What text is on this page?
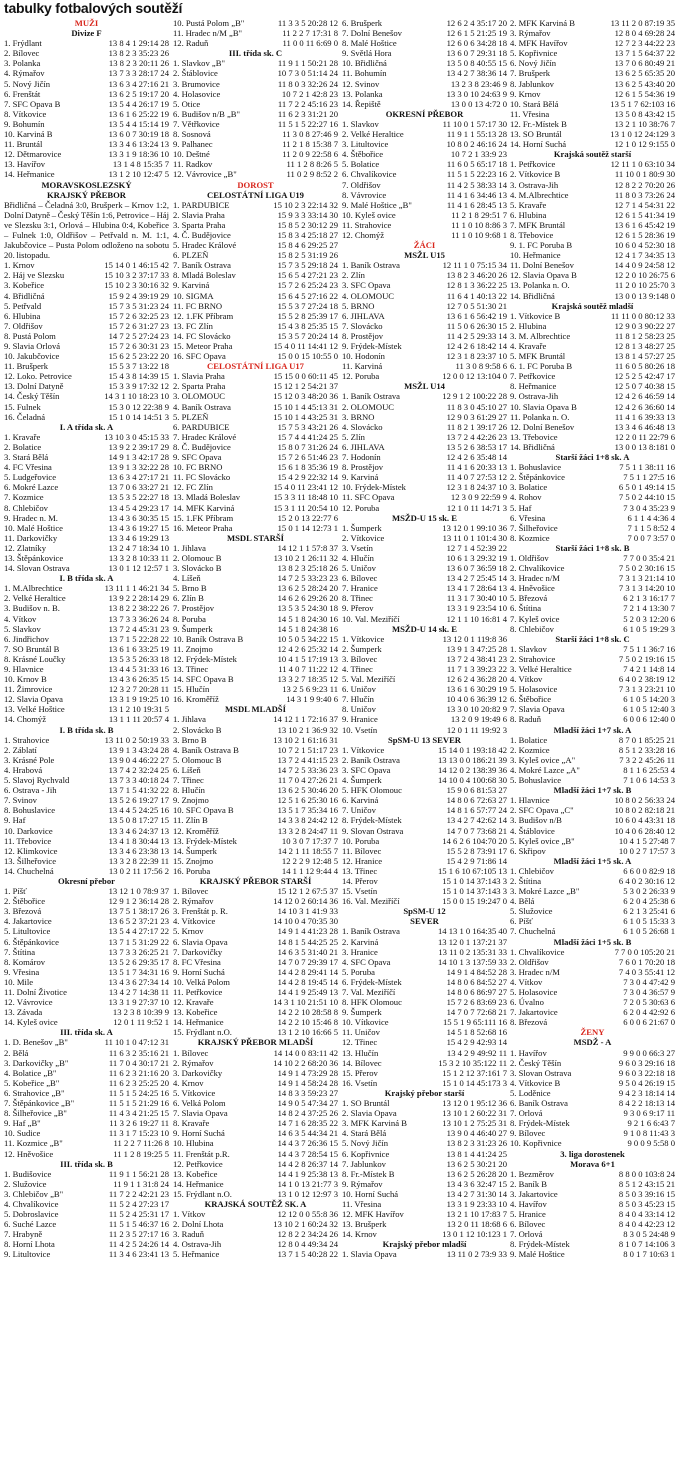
tabulky fotbalových soutěží
MUŽI
Divize F
1. Frýdlant	13 8 4 1 29:14 28
2. Bílovec	13 8 2 3 35:23 26
3. Polanka	13 8 2 3 20:11 26
4. Rýmařov	13 7 3 3 28:17 24
5. Nový Jičín	13 6 3 4 27:16 21
6. Frenštát	13 6 2 5 19:17 20
7. SFC Opava B	13 5 4 4 26:17 19
8. Vítkovice	13 6 1 6 25:22 19
9. Bohumín	13 5 4 4 15:14 19
10. Karviná B	13 6 0 7 30:19 18
11. Bruntál	13 3 4 6 13:24 13
12. Dětmarovice	13 3 1 9 18:36 10
13. Havířov	13 1 4 8 15:35 7
14. Heřmanice	13 1 2 10 12:47 5
MORAVSKOSLEZSKÝ
KRAJSKÝ PŘEBOR
Břidličná – Čeladná 3:0, Brušperk – Krnov 1:2, Dolní Datyně – Český Těšín 1:6, Petrovice – Háj ve Slezsku 3:1, Orlová – Hlubina 0:4, Kobeřice – Fulnek 1:0, Oldřišov – Petřvald n. M. 1:1, Jakubčovice – Pusta Polom odloženo na sobotu 20. listopadu.
1. Krnov	15 14 0 1 46:15 42
2. Háj ve Slezsku	15 10 3 2 37:17 33
3. Kobeřice	15 10 2 3 30:16 32
4. Břidličná	15 9 2 4 39:19 29
5. Petřvald	15 7 3 5 31:23 24
6. Hlubina	15 7 2 6 32:25 23
7. Oldřišov	15 7 2 6 31:27 23
8. Pustá Polom	14 7 2 5 27:24 23
9. Slavia Orlová	15 7 2 6 30:31 23
10. Jakubčovice	15 6 2 5 23:22 20
11. Brušperk	15 5 3 7 13:22 18
12. Loko. Petrovice	15 4 3 8 14:39 15
13. Dolní Datyně	15 3 3 9 17:32 12
14. Český Těšín	14 3 1 10 18:23 10
15. Fulnek	15 3 0 12 22:38 9
16. Čeladná	15 1 0 14 14:51 3
I. A třída sk. A
1. Kravaře	13 10 3 0 45:15 33
2. Bolatice	13 9 2 2 39:17 29
3. Stará Bělá	14 9 1 3 42:17 28
4. FC Vřesina	13 9 1 3 32:22 28
5. Ludgeřovice	13 6 3 4 27:17 21
6. Mokré Lazce	13 7 0 6 33:27 21
7. Kozmice	13 5 3 5 22:27 18
8. Chlebičov	13 4 5 4 29:23 17
9. Hradec n. M.	13 4 3 6 30:35 15
10. Malé Hoštice	13 4 3 6 19:27 15
11. Darkovičky	13 3 4 6 19:29 13
12. Zlatníky	13 2 4 7 18:34 10
13. Štěpánkovice	13 3 2 8 10:33 11
14. Slovan Ostrava	13 0 1 12 12:57 1
I. B třída sk. A
1. M.Albrechtice	13 11 1 1 46:21 34
2. Velké Heraltice	13 9 2 2 28:14 29
3. Budišov n. B.	13 8 2 2 38:22 26
4. Vítkov	13 7 3 3 36:26 24
5. Slavkov	13 7 2 4 45:31 23
6. Jindřichov	13 7 1 5 22:28 22
7. SO Bruntál B	13 6 1 6 33:25 19
8. Krásné Loučky	13 5 3 5 26:33 18
9. Hlavnice	13 4 4 5 31:33 16
10. Krnov B	13 4 3 6 26:35 15
11. Žimrovice	12 3 2 7 20:28 11
12. Slavia Opava	13 3 1 9 19:25 10
13. Velké Hoštice	13 1 2 10 19:31 5
14. Chomýž	13 1 1 11 20:57 4
I. B třída sk. B
1. Strahovice	13 11 0 2 50:19 33
2. Záblatí	13 9 1 3 43:24 28
3. Krásné Pole	13 9 0 4 46:22 27
4. Hrabová	13 7 4 2 32:24 25
5. Slavoj Rychvald	13 7 3 3 40:18 24
6. Ostrava - Jih	13 7 1 5 41:32 22
7. Svinov	13 5 2 6 19:27 17
8. Bohuslavice	13 4 4 5 24:25 16
9. Haf	13 5 0 8 17:27 15
10. Darkovice	13 3 4 6 24:37 13
11. Třebovice	13 4 1 8 30:44 13
12. Klimkovice	13 3 4 6 23:38 13
13. Šilheřovice	13 3 2 8 22:39 11
14. Chuchelná	13 0 2 11 17:56 2
Okresní přebor
1. Píšť	13 12 1 0 78:9 37
2. Štěbořice	12 9 1 2 36:14 28
3. Březová	13 7 5 1 38:17 26
4. Jakartovice	13 6 5 2 37:21 23
5. Litultovice	13 5 4 4 27:17 22
6. Štěpánkovice	13 7 1 5 31:29 22
7. Štítina	13 7 3 3 26:25 21
8. Komárov	13 5 2 6 29:35 17
9. Vřesina	13 5 1 7 34:31 16
10. Mile	13 4 3 6 27:34 14
11. Dolní Životice	13 4 2 7 14:38 11
12. Vávrovice	13 3 1 9 27:37 10
13. Závada	13 2 3 8 10:39 9
14. Kyleš ovice	12 0 1 11 9:52 1
III. třída sk. A
1. D. Benešov „B"	11 10 1 0 47:12 31
2. Bělá	11 6 3 2 35:16 21
3. Darkovičky „B"	11 7 0 4 30:17 21
4. Bolatice „B"	11 6 2 3 21:16 20
5. Kobeřice „B"	11 6 2 3 25:25 20
6. Strahovice „B"	11 5 1 5 24:25 16
7. Štěpánkovice „B"	11 5 1 5 21:29 16
8. Šilheřovice „B"	11 4 3 4 21:25 15
9. Haf „B"	11 3 2 6 19:27 11
10. Sudice	11 3 1 7 15:23 10
11. Kozmice „B"	11 2 2 7 11:26 8
12. Hněvošice	11 1 2 8 19:25 5
III. třída sk. B
1. Budišovice	11 9 1 1 56:21 28
2. Služovice	11 9 1 1 31:8 24
3. Chlebičov „B"	11 7 2 2 42:21 23
4. Chvalíkovice	11 5 2 4 27:23 17
5. Dobroslavice	11 5 2 4 25:31 17
6. Suché Lazce	11 5 1 5 46:37 16
7. Hrabyně	11 2 3 5 27:17 16
8. Horní Lhota	11 4 2 5 24:26 14
9. Litultovice	11 3 4 6 23:41 13
10. Pustá Polom „B"	11 3 3 5 20:28 12
11. Hradec n/M „B"	11 2 2 7 17:31 8
12. Raduň	11 0 0 11 6:69 0
III. třída sk. C
1. Slavkov „B"	11 9 1 1 50:21 28
2. Štáblovice	10 7 3 0 51:14 24
3. Brumovice	11 8 0 3 32:26 24
4. Holasovice	10 7 2 1 42:8 23
5. Otice	11 7 2 2 45:16 23
6. Budišov n/B „B"	11 6 2 3 31:21 20
7. Větřkovice	11 5 1 5 22:27 16
8. Sosnová	11 3 0 8 27:46 9
9. Palhanec	11 2 1 8 15:38 7
10. Deštné	11 2 0 9 22:58 6
11. Radkov	11 1 2 8 8:26 5
12. Vávrovice „B"	11 0 2 9 8:52 2
DOROST
CELOSTÁTNÍ LIGA U19
1. PARDUBICE	15 10 2 3 22:14 32
2. Slavia Praha	15 9 3 3 33:14 30
3. Sparta Praha	15 8 5 2 30:12 29
4. Č. Budějovice	15 8 3 4 25:18 27
5. Hradec Králové	15 8 4 6 29:25 27
6. PLZEŇ	15 8 2 5 31:19 26
7. Baník Ostrava	15 7 3 5 29:18 24
8. Mladá Boleslav	15 6 5 4 27:21 23
9. Karviná	15 7 2 6 25:24 23
10. SIGMA	15 6 4 5 27:16 22
11. FC BRNO	15 5 3 7 27:24 18
12. 1.FK Příbram	15 5 2 8 25:39 17
13. FC Zlín	15 4 3 8 25:35 15
14. FC Slovácko	15 3 5 7 20:24 14
15. Meteor Praha	15 4 0 11 14:41 12
16. SFC Opava	15 0 0 15 10:55 0
CELOSTÁTNÍ LIGA U17
1. Slavia Praha	15 15 0 0 60:11 45
2. Sparta Praha	15 12 1 2 54:21 37
3. OLOMOUC	15 12 0 3 48:20 36
4. Baník Ostrava	15 10 1 4 45:13 31
5. PLZEŇ	15 10 1 4 43:25 31
6. PARDUBICE	15 7 5 3 43:21 26
7. Hradec Králové	15 7 4 4 41:24 25
8. Č. Budějovice	15 8 0 7 31:26 24
9. SFC Opava	15 7 2 6 51:46 23
10. FC BRNO	15 6 1 8 35:36 19
11. FC Slovácko	15 4 2 9 22:32 14
12. FC Zlín	15 4 0 11 23:41 12
13. Mladá Boleslav	15 3 3 11 18:48 10
14. MFK Karviná	15 3 1 11 20:54 10
15. 1.FK Příbram	15 2 0 13 22:77 6
16. Meteor Praha	15 0 1 14 12:73 1
MSDL STARŠÍ
1. Jihlava	14 12 1 1 57:8 37
2. Olomouc B	13 10 2 1 26:11 32
3. Slovácko B	13 8 2 3 25:18 26
4. Líšeň	14 7 2 5 33:23 23
5. Brno B	13 6 2 5 28:24 20
6. Zlín B	14 6 2 6 29:26 20
7. Prostějov	13 5 3 5 24:30 18
8. Poruba	14 5 1 8 24:30 16
9. Šumperk	14 5 1 8 24:38 16
10. Baník Ostrava B	10 5 0 5 34:22 15
11. Znojmo	12 4 2 6 25:32 14
12. Frýdek-Místek	10 4 1 5 17:19 13
13. Třinec	11 4 0 7 11:22 12
14. SFC Opava B	13 3 2 7 18:35 12
15. Hlučín	13 2 5 6 9:23 11
16. Kroměříž	14 3 1 9 9:40 6
MSDL MLADŠÍ
1. Jihlava	14 12 1 1 72:16 37
2. Slovácko B	13 10 2 1 36:9 32
3. Brno B	13 10 2 1 61:16 31
4. Baník Ostrava B	10 7 2 1 51:17 23
5. Olomouc B	13 7 2 4 41:15 23
6. Líšeň	14 7 2 5 33:36 23
7. Třinec	11 7 0 4 27:26 21
8. Hlučín	13 6 2 5 30:46 20
9. Znojmo	12 5 1 6 25:30 16
10. SFC Opava B	13 5 1 7 35:34 16
11. Zlín B	14 3 3 8 24:42 12
12. Kroměříž	13 3 2 8 24:47 11
13. Frýdek-Místek	10 3 0 7 17:37 7
14. Šumperk	14 2 1 11 18:55 7
15. Znojmo	12 2 2 9 12:48 5
16. Poruba	14 1 1 12 9:44 4
KRAJSKÝ PŘEBOR STARŠÍ
1. Bílovec	15 12 1 2 67:5 37
2. Rýmařov	14 12 0 2 60:14 36
3. Frenštát p. R.	14 10 3 1 41:9 33
4. Vítkovice	14 10 0 4 70:35 30
5. Krnov	14 9 1 4 41:23 28
6. Slavia Opava	14 8 1 5 44:25 25
7. Darkovičky	14 6 3 5 31:40 21
8. FC Vřesina	14 7 0 7 29:39 17
9. Horní Suchá	14 4 2 8 29:41 14
10. Velká Polom	14 4 2 8 19:45 14
11. Petřkovice	14 4 1 9 25:49 13
12. Kravaře	14 3 1 10 21:51 10
13. Kobeřice	14 2 2 10 28:58 8
14. Heřmanice	14 2 2 10 15:46 8
15. Frýdlant n.O.	13 1 2 10 16:66 5
KRAJSKÝ PŘEBOR MLADŠÍ
1. Bílovec	14 14 0 0 83:11 42
2. Rýmařov	14 10 2 2 68:20 36
3. Darkovičky	14 9 1 4 73:29 28
4. Krnov	14 9 1 4 58:24 28
5. Vítkovice	14 8 3 3 59:23 27
6. Velká Polom	14 9 0 5 47:34 27
7. Slavia Opava	14 8 2 4 37:25 26
8. Kravaře	14 7 1 6 28:35 22
9. Horní Suchá	14 6 3 5 44:34 21
10. Hlubina	14 4 3 7 26:36 15
11. Frenštát p.R.	14 4 3 7 28:54 15
12. Petřkovice	14 4 2 8 26:37 14
13. Kobeřice	14 4 1 9 25:38 13
14. Heřmanice	14 1 0 13 21:77 3
15. Frýdlant n.O.	13 1 0 12 12:97 3
KRAJSKÁ SOUTĚŽ SK. A
1. Vítkov	12 12 0 0 55:8 36
2. Dolní Lhota	13 10 2 1 60:24 32
3. Raduň	12 8 2 2 34:24 26
4. Ostrava-Jih	12 8 0 4 49:34 24
5. Heřmanice	13 7 1 5 40:28 22
6. Brušperk	12 6 2 4 35:17 20
7. Dolní Benešov	12 6 1 5 21:25 19
8. Malé Hoštice	12 6 0 6 34:28 18
9. Světlá Hora	13 6 0 7 29:31 18
10. Břidličná	13 5 0 8 40:55 15
11. Bohumín	13 4 2 7 38:36 14
12. Svinov	13 2 3 8 23:46 9
13. Polanka	13 3 0 10 24:63 9
14. Řepiště	13 0 0 13 4:72 0
OKRESNÍ PŘEBOR
1. Slavkov	11 10 0 1 57:17 30
2. Velké Heraltice	11 9 1 1 55:13 28
3. Litultovice	10 8 0 2 46:16 24
4. Štěbořice	10 7 2 1 33:9 23
5. Bolatice	11 6 0 5 65:17 18
6. Chvalíkovice	11 5 1 5 22:23 16
7. Oldřišov	11 4 2 5 38:33 14
8. Vávrovice	11 4 1 6 34:46 13
9. Malé Hoštice „B"	11 4 1 6 28:45 13
10. Kyleš ovice	11 2 1 8 29:51 7
11. Strahovice	11 1 0 10 8:86 3
12. Chomýž	11 1 0 10 9:68 1
ŽÁCI
MSŽL U15
1. Baník Ostrava	12 11 1 0 75:15 34
2. Zlín	13 8 2 3 46:20 26
3. SFC Opava	12 8 1 3 36:22 25
4. OLOMOUC	11 6 4 1 40:13 22
5. BRNO	12 7 0 5 51:30 21
6. JIHLAVA	13 6 1 6 56:42 19
7. Slovácko	11 5 0 6 26:30 15
8. Prostějov	11 4 2 5 29:33 14
9. Frýdek-Místek	12 4 2 6 18:42 14
10. Hodonín	12 3 1 8 23:37 10
11. Karviná	11 3 0 8 9:58 6
12. Poruba	12 0 0 12 13:104 0
MSŽL U14
1. Baník Ostrava	12 9 1 2 100:22 28
2. OLOMOUC	11 8 3 0 45:10 27
3. BRNO	12 9 0 3 61:29 27
4. Slovácko	11 8 2 1 39:17 26
5. Zlín	13 7 2 4 42:26 23
6. JIHLAVA	13 5 2 6 38:53 17
7. Hodonín	12 4 2 6 35:48 14
8. Prostějov	11 4 1 6 20:33 13
9. Karviná	11 4 0 7 27:53 12
10. Frýdek-Místek	12 3 1 8 24:37 10
11. SFC Opava	12 3 0 9 22:59 9
12. Poruba	12 1 0 11 14:71 3
MSŽD-U 15 sk. E
1. Šumperk	13 12 0 1 99:10 36
2. Vítkovice	13 11 0 1 101:4 30
3. Vsetín	12 7 1 4 52:39 22
4. Hlučín	10 6 1 3 29:32 19
5. Uničov	13 6 0 7 36:59 18
6. Bílovec	13 4 2 7 25:45 14
7. Hranice	13 4 1 7 28:64 13
8. Třinec	11 3 1 7 30:40 10
9. Přerov	13 3 1 9 23:54 10
10. Val. Meziříčí	12 1 1 10 16:81 4
MSŽD-U 14 sk. E
1. Vítkovice	13 12 0 1 119:8 36
2. Šumperk	13 9 1 3 47:25 28
3. Bílovec	13 7 2 4 38:41 23
4. Třinec	11 7 1 3 39:23 22
5. Val. Meziříčí	12 6 2 4 36:28 20
6. Uničov	13 6 1 6 30:29 19
7. Hlučín	10 4 0 6 36:39 12
8. Uničov	13 3 0 10 20:82 9
9. Hranice	13 2 0 9 19:49 6
10. Vsetín	12 0 1 11 19:92 3
SpSM-U 13 SEVER
1. Vítkovice	15 14 0 1 193:18 42
2. Baník Ostrava	13 13 0 0 186:21 39
3. SFC Opava	14 12 0 2 138:39 36
4. Šumperk	14 10 0 4 100:68 30
5. HFK Olomouc	15 9 0 6 81:53 27
6. Karviná	14 8 0 6 72:63 27
7. Uničov	14 8 1 6 57:77 24
8. Frýdek-Místek	13 4 2 7 42:62 14
9. Slovan Ostrava	14 7 0 7 73:68 21
10. Poruba	14 6 2 6 104:70 20
11. Bílovec	15 5 2 8 73:91 17
12. Hranice	15 4 2 9 71:86 14
13. Třinec	15 1 6 10 67:105 13
14. Přerov	15 1 0 14 37:143 3
15. Vsetín	15 1 0 14 37:143 3
16. Val. Meziříčí	15 0 0 15 19:247 0
SpSM-U 12
SEVER
1. Baník Ostrava	14 13 1 0 164:35 40
2. Karviná	13 12 0 1 137:21 37
3. Hranice	13 11 0 2 135:31 33
4. SFC Opava	14 10 1 3 137:59 33
5. Poruba	14 9 1 4 84:52 28
6. Frýdek-Místek	14 8 0 6 84:52 27
7. Val. Meziříčí	14 8 0 6 86:97 27
8. HFK Olomouc	15 7 2 6 83:69 23
9. Šumperk	14 7 0 7 72:68 21
10. Vítkovice	15 5 1 9 65:111 16
11. Uničov	14 5 1 8 52:68 16
12. Třinec	15 4 2 9 42:93 14
13. Hlučín	13 4 2 9 49:92 11
14. Bílovec	15 3 2 10 35:122 11
15. Přerov	15 1 2 12 37:161 7
16. Vsetín	15 1 0 14 45:173 3
Krajský přebor starší
1. SO Bruntál	13 12 0 1 95:12 36
2. Slavia Opava	13 10 1 2 60:22 31
3. MFK Karviná B	13 10 1 2 75:25 31
4. Stará Bělá	13 9 0 4 46:40 27
5. Nový Jičín	13 8 2 3 31:23 26
6. Kopřivnice	13 8 1 4 41:24 25
7. Jablunkov	13 6 2 5 30:21 20
8. Fr.-Místek B	13 6 2 5 26:28 20
9. Rýmařov	13 4 3 6 32:47 15
10. Horní Suchá	13 4 2 7 31:30 14
11. Vřesina	13 3 1 9 23:33 10
12. MFK Havířov	13 2 1 10 17:83 7
13. Brušperk	13 2 0 11 18:68 6
14. Krnov	13 0 1 12 10:123 1
Krajský přebor mladší
1. Slavia Opava	13 11 0 2 73:9 33
2. MFK Karviná B	13 11 2 0 87:19 35
3. Rýmařov	12 8 0 4 69:28 24
4. MFK Havířov	12 7 2 3 44:22 23
5. Kopřivnice	13 7 1 5 64:37 22
6. Nový Jičín	13 7 0 6 80:49 21
7. Brušperk	13 6 2 5 65:35 20
8. Jablunkov	13 6 2 5 43:40 20
9. Krnov	12 6 1 5 54:36 19
10. Stará Bělá	13 5 1 7 62:103 16
11. Vřesina	13 5 0 8 43:42 15
12. Fr.-Místek B	13 2 1 10 38:76 7
13. SO Bruntál	13 1 0 12 24:129 3
14. Horní Suchá	12 1 0 12 9:155 0
Krajská soutěž starší
1. Petřkovice	12 11 1 0 63:10 34
2. Vítkovice B	11 10 0 1 80:9 30
3. Ostrava-Jih	12 8 2 2 70:20 26
4. M.Albrechtice	11 8 0 3 73:26 24
5. Kravaře	12 7 1 4 54:31 22
6. Hlubina	12 6 1 5 41:34 19
7. MFK Bruntál	13 6 1 6 45:42 19
8. Třebovice	12 6 1 5 28:36 19
9. 1. FC Poruba B	10 6 0 4 52:30 18
10. Heřmanice	12 4 1 7 34:35 13
11. Dolní Benešov	14 4 0 9 24:58 12
12. Slavia Opava B	12 2 0 10 26:75 6
13. Polanka n. O.	11 2 0 10 25:70 3
14. Břidličná	13 0 0 13 9:148 0
Krajská soutěž mladší
1. Vítkovice B	11 11 0 0 80:12 33
2. Hlubina	12 9 0 3 90:22 27
3. M. Albrechtice	11 8 1 2 58:23 25
4. Kravaře	12 8 1 3 48:27 25
5. MFK Bruntál	13 8 1 4 57:27 25
6. 1. FC Poruba B	11 6 0 5 80:26 18
7. Petřkovice	12 5 2 5 42:47 17
8. Heřmanice	12 5 0 7 40:38 15
9. Ostrava-Jih	12 4 2 6 46:59 14
10. Slavia Opava B	12 4 2 6 36:60 14
11. Polanka n. O.	11 4 1 6 39:33 13
12. Dolní Benešov	13 3 4 6 46:48 13
13. Třebovice	12 2 0 11 22:79 6
14. Břidličná	13 0 0 13 8:181 0
Starší žáci 1+8 sk. A
1. Bohuslavice	7 5 1 1 38:11 16
2. Štěpánkovice	7 5 1 1 27:5 16
3. Bolatice	6 5 0 1 49:14 15
4. Rohov	7 5 0 2 44:10 15
5. Haf	7 3 0 4 35:23 9
6. Vřesina	6 1 1 4 4:36 4
7. Šilheřovice	7 1 1 5 8:52 4
8. Kozmice	7 0 0 7 3:57 0
Starší žáci 1+8 sk. B
1. Oldřišov	7 7 0 0 35:4 21
2. Chvalíkovice	7 5 0 2 30:16 15
3. Hradec n/M	7 3 1 3 21:14 10
4. Hněvošice	7 3 1 3 14:20 10
5. Březová	6 2 1 3 16:17 7
6. Štítina	7 2 1 4 13:30 7
7. Kyleš ovice	5 2 0 3 12:20 6
8. Chlebičov	6 1 0 5 19:29 3
Starší žáci 1+8 sk. C
1. Slavkov	7 5 1 1 36:7 16
2. Strahovice	7 5 0 2 19:16 15
3. Velké Heraltice	7 4 2 1 14:8 14
4. Vítkov	6 4 0 2 38:19 12
5. Holasovice	7 3 1 3 23:21 10
6. Štěbořice	6 1 0 5 14:20 3
7. Slavia Opava	6 1 0 5 12:40 3
8. Raduň	6 0 0 6 12:40 0
Mladší žáci 1+7 sk. A
1. Bolatice	8 7 0 1 85:25 21
2. Kozmice	8 5 1 2 33:28 16
3. Kyleš ovice „A"	7 3 2 2 45:26 11
4. Mokré Lazce „A"	8 1 1 6 25:53 4
5. Bohuslavice	7 1 0 6 14:53 3
Mladší žáci 1+7 sk. B
1. Hlavnice	10 8 0 2 56:33 24
2. SFC Opava „C"	10 8 0 2 82:18 21
3. Budišov n/B	10 6 0 4 43:31 18
4. Štáblovice	10 4 0 6 28:40 12
5. Kyleš ovice „B"	10 4 1 5 27:48 7
6. Skřipov	10 0 2 7 17:57 3
Mladší žáci 1+5 sk. A
1. Chlebičov	6 6 0 0 82:9 18
2. Štítina	6 4 0 2 30:16 12
3. Mokré Lazce „B"	5 3 0 2 26:33 9
4. Bělá	6 2 0 4 25:38 6
5. Služovice	6 2 1 3 25:41 6
6. Píšť	6 1 0 5 15:33 3
7. Chuchelná	6 1 0 5 26:68 1
Mladší žáci 1+5 sk. B
1. Chvalíkovice	7 7 0 0 105:20 21
2. Oldřišov	7 6 0 1 70:20 18
3. Hradec n/M	7 4 0 3 55:41 12
4. Vítkov	7 3 0 4 47:42 9
5. Holasovice	7 3 0 4 36:57 9
6. Úvalno	7 2 0 5 30:63 6
7. Jakartovice	6 2 0 4 42:92 6
8. Březová	6 0 0 6 21:67 0
ŽENY
MSDŽ - A
1. Havířov	9 9 0 0 66:3 27
2. Český Těšín	9 6 0 3 29:16 18
3. Slovan Ostrava	9 6 0 3 22:18 18
4. Vítkovice B	9 5 0 4 26:19 15
5. Loděnice	9 4 2 3 18:14 14
6. Baník Ostrava	8 4 2 2 18:13 14
7. Orlová	9 3 0 6 9:17 11
8. Frýdek-Místek	9 2 1 6 6:43 7
9. Bílovec	9 1 0 8 11:43 3
10. Kopřivnice	9 0 0 9 5:58 0
3. liga dorostenek
Morava 6+1
1. Bezměrov	8 8 0 0 103:8 24
2. Baník B	8 5 1 2 43:15 21
3. Jakartovice	8 5 0 3 39:16 15
4. Havířov	8 5 0 3 45:23 15
5. Hranice	8 4 0 4 33:14 12
6. Bílovec	8 4 0 4 42:23 12
7. Orlová	8 3 0 5 24:48 9
8. Frýdek-Místek	8 1 0 7 14:106 3
9. Malé Hoštice	8 0 1 7 10:63 1
